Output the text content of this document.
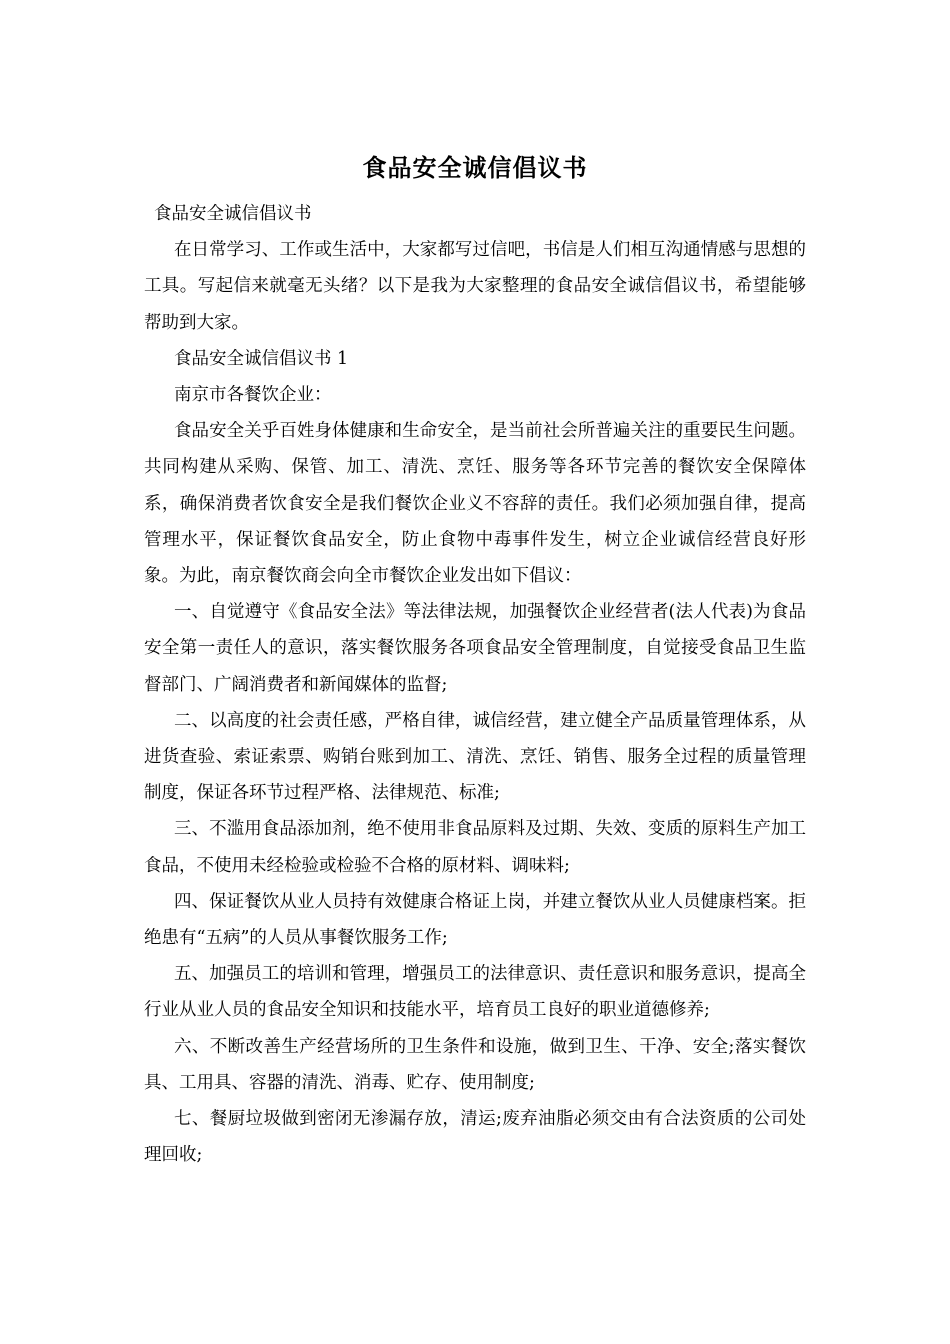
食品安全诚信倡议书

食品安全诚信倡议书

在日常学习、工作或生活中，大家都写过信吧，书信是人们相互沟通情感与思想的工具。写起信来就毫无头绪？以下是我为大家整理的食品安全诚信倡议书，希望能够帮助到大家。

食品安全诚信倡议书 1

南京市各餐饮企业：

食品安全关乎百姓身体健康和生命安全，是当前社会所普遍关注的重要民生问题。共同构建从采购、保管、加工、清洗、烹饪、服务等各环节完善的餐饮安全保障体系，确保消费者饮食安全是我们餐饮企业义不容辞的责任。我们必须加强自律，提高管理水平，保证餐饮食品安全，防止食物中毒事件发生，树立企业诚信经营良好形象。为此，南京餐饮商会向全市餐饮企业发出如下倡议：

一、自觉遵守《食品安全法》等法律法规，加强餐饮企业经营者(法人代表)为食品安全第一责任人的意识，落实餐饮服务各项食品安全管理制度，自觉接受食品卫生监督部门、广阔消费者和新闻媒体的监督;

二、以高度的社会责任感，严格自律，诚信经营，建立健全产品质量管理体系，从进货查验、索证索票、购销台账到加工、清洗、烹饪、销售、服务全过程的质量管理制度，保证各环节过程严格、法律规范、标准;

三、不滥用食品添加剂，绝不使用非食品原料及过期、失效、变质的原料生产加工食品，不使用未经检验或检验不合格的原材料、调味料;

四、保证餐饮从业人员持有效健康合格证上岗，并建立餐饮从业人员健康档案。拒绝患有“五病”的人员从事餐饮服务工作;

五、加强员工的培训和管理，增强员工的法律意识、责任意识和服务意识，提高全行业从业人员的食品安全知识和技能水平，培育员工良好的职业道德修养;

六、不断改善生产经营场所的卫生条件和设施，做到卫生、干净、安全;落实餐饮具、工用具、容器的清洗、消毒、贮存、使用制度;

七、餐厨垃圾做到密闭无渗漏存放，清运;废弃油脂必须交由有合法资质的公司处理回收;
